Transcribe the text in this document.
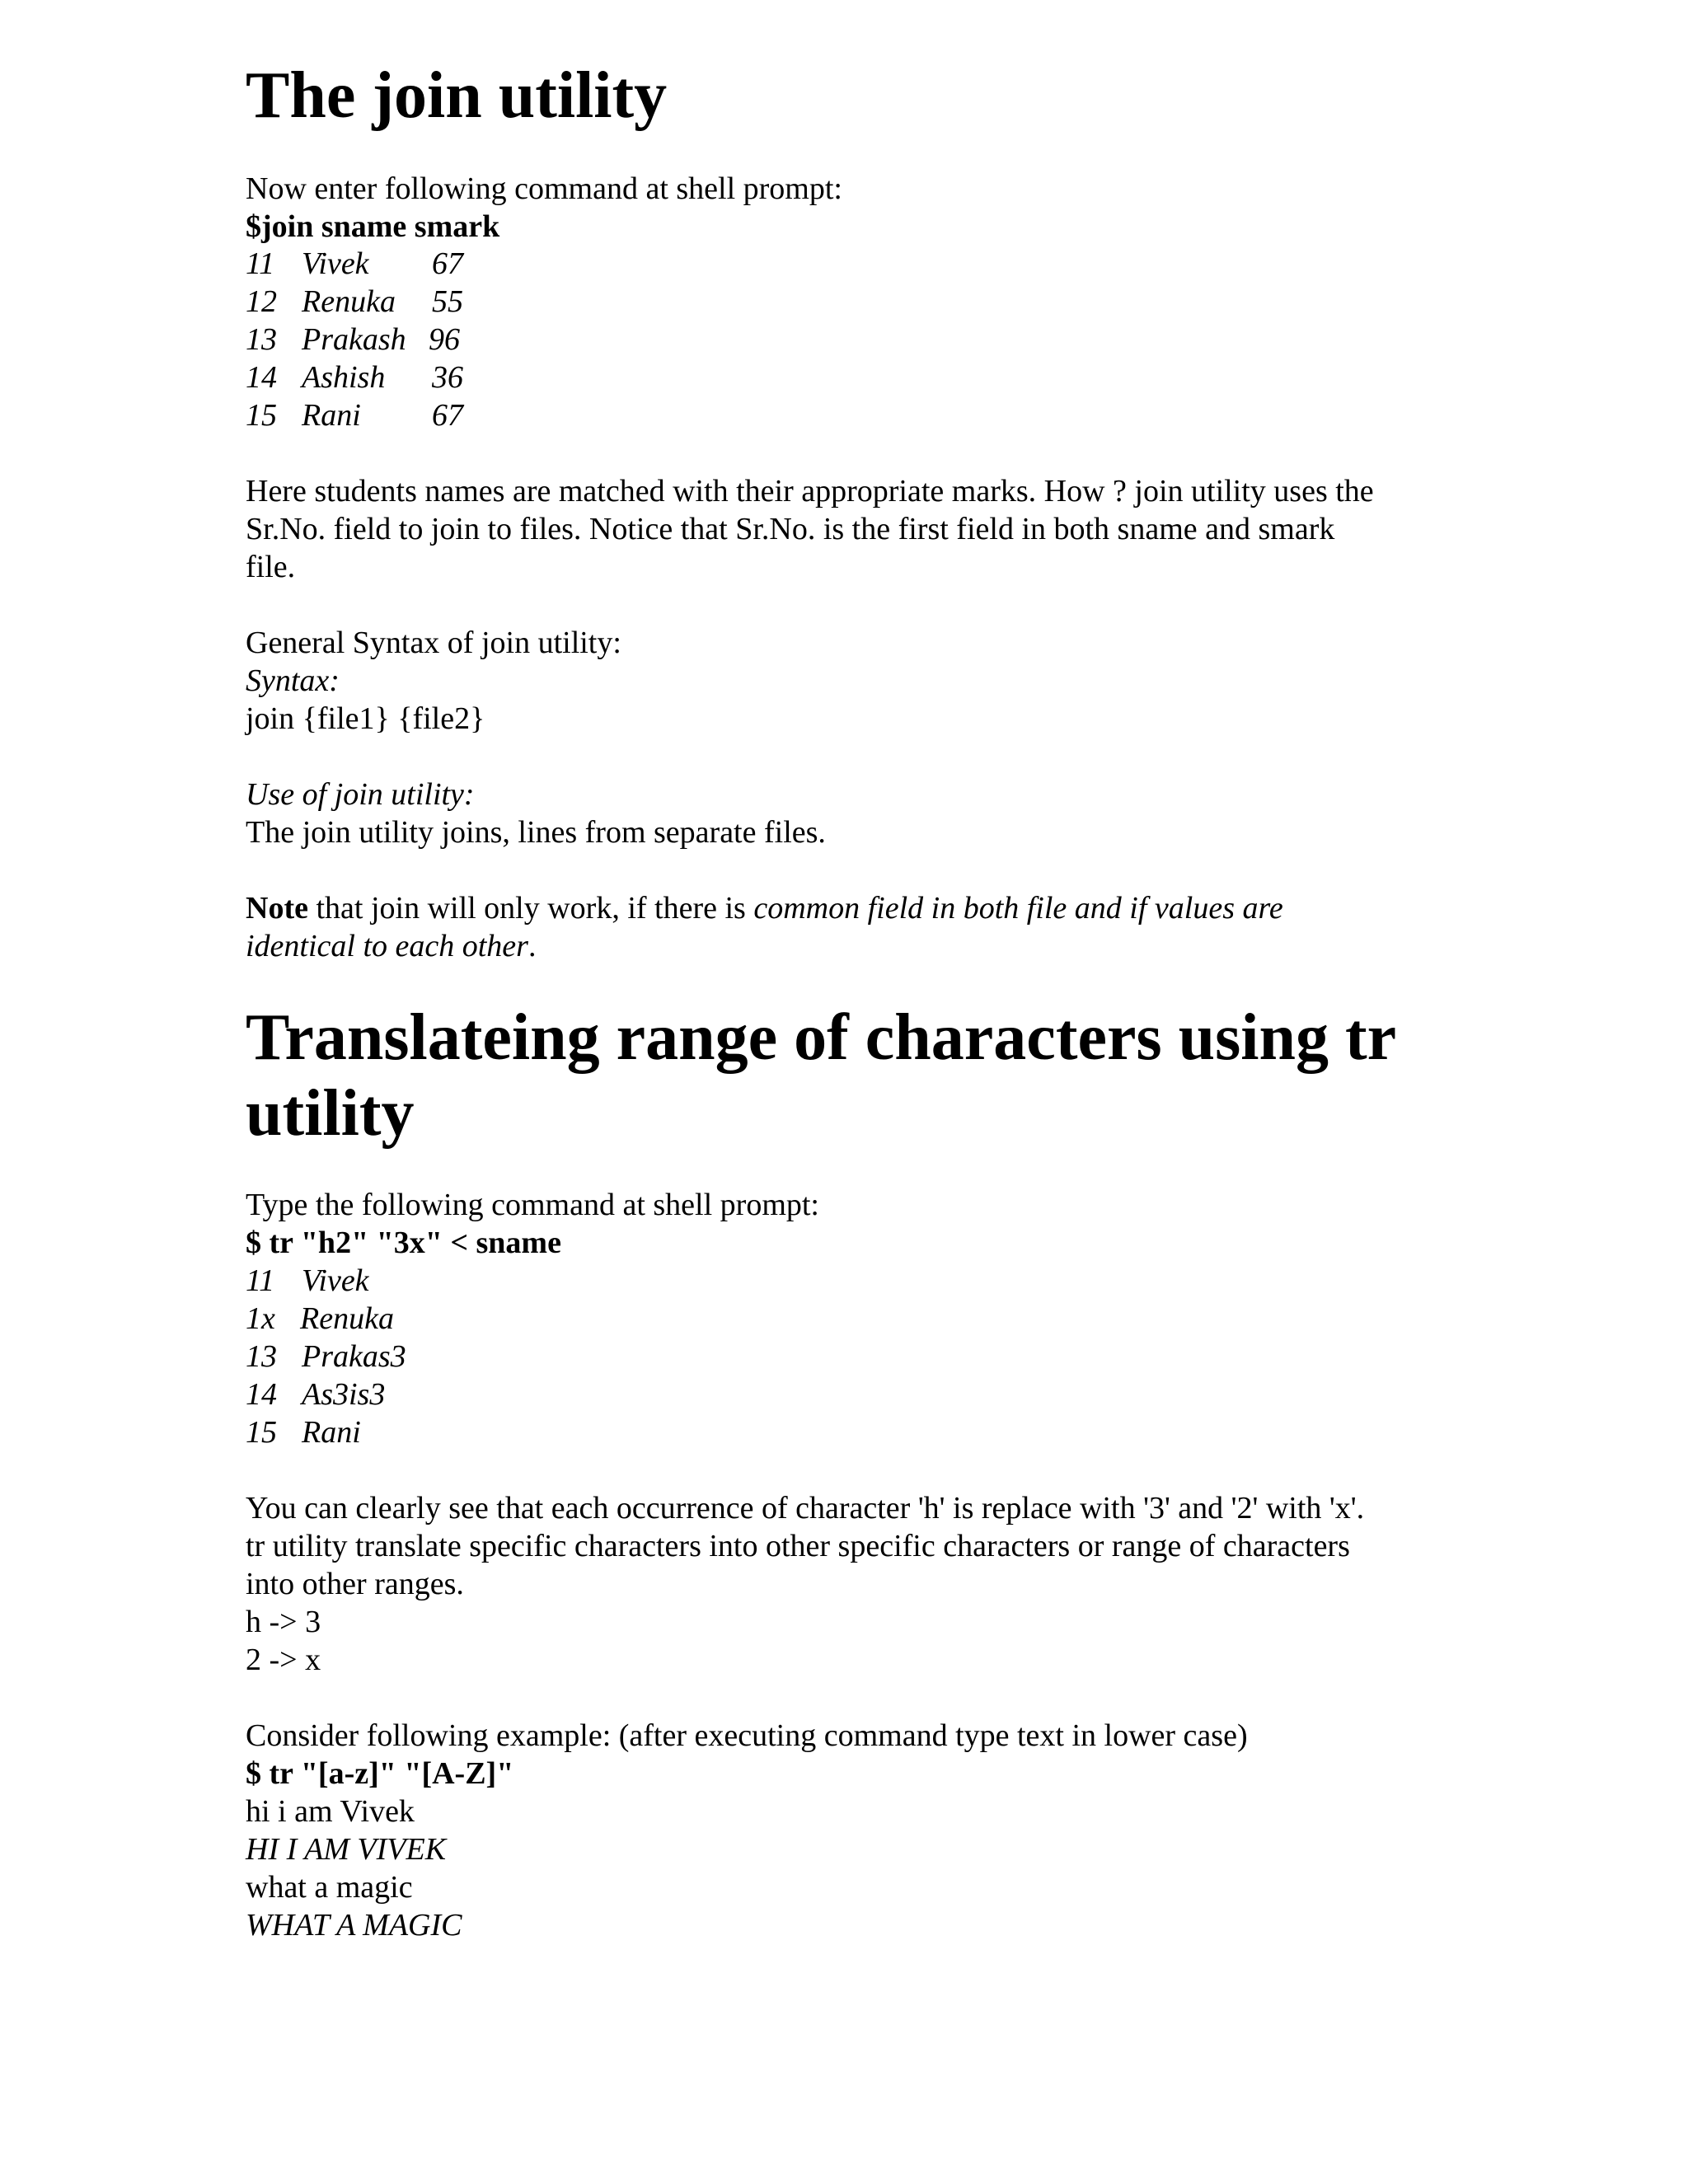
The join utility

Now enter following command at shell prompt:

$join sname smark

11 Vivek 67
12 Renuka 55
13 Prakash 96
14 Ashish 36
15 Rani 67

Here students names are matched with their appropriate marks. How ? join utility uses the

Sr.No. field to join to files. Notice that Sr.No. is the first field in both sname and smark

file.

General Syntax of join utility:

Syntax:

join {file1} {file2}

Use of join utility:

The join utility joins, lines from separate files.

Note that join will only work, if there is common field in both file and if values are

identical to each other.

Translateing range of characters using tr
utility

Type the following command at shell prompt:

$ tr "h2" "3x" < sname

11 Vivek
1x Renuka
13 Prakas3
14 As3is3
15 Rani

You can clearly see that each occurrence of character 'h' is replace with '3' and '2' with 'x'.

tr utility translate specific characters into other specific characters or range of characters

into other ranges.

h -> 3

2 -> x

Consider following example: (after executing command type text in lower case)

$ tr "[a-z]" "[A-Z]"

hi i am Vivek

HI I AM VIVEK

what a magic

WHAT A MAGIC
